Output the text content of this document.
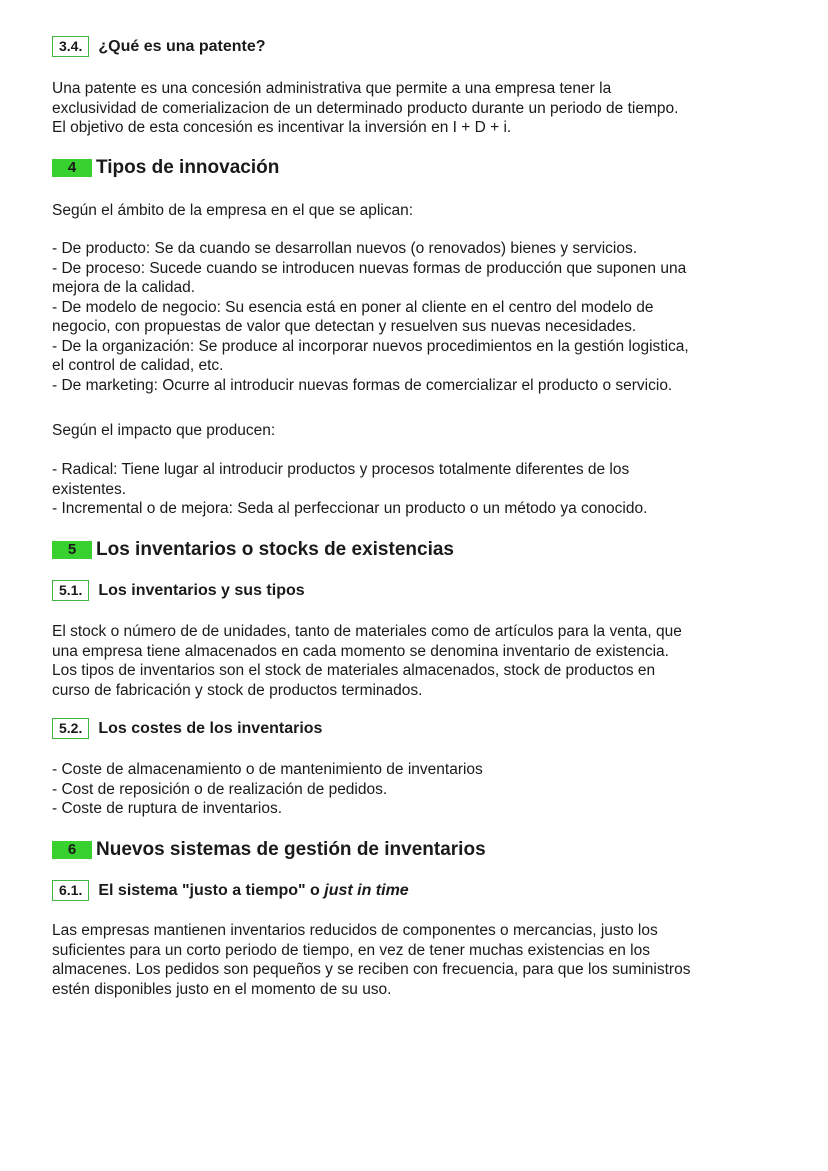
3.4.	¿Qué es una patente?

Una patente es una concesión administrativa que permite a una empresa tener la

exclusividad de comerializacion de un determinado producto durante un periodo de tiempo.

El objetivo de esta concesión es incentivar la inversión en I + D + i.

4	Tipos de innovación

Según el ámbito de la empresa en el que se aplican:

- De producto: Se da cuando se desarrollan nuevos (o renovados) bienes y servicios.

- De proceso: Sucede cuando se introducen nuevas formas de producción que suponen una

mejora de la calidad.

- De modelo de negocio: Su esencia está en poner al cliente en el centro del modelo de

negocio, con propuestas de valor que detectan y resuelven sus nuevas necesidades.

- De la organización: Se produce al incorporar nuevos procedimientos en la gestión logistica,

el control de calidad, etc.

- De marketing: Ocurre al introducir nuevas formas de comercializar el producto o servicio.

Según el impacto que producen:

- Radical: Tiene lugar al introducir productos y procesos totalmente diferentes de los

existentes.

- Incremental o de mejora: Seda al perfeccionar un producto o un método ya conocido.

5	Los inventarios o stocks de existencias
5.1.	Los inventarios y sus tipos

El stock o número de de unidades, tanto de materiales como de artículos para la venta, que

una empresa tiene almacenados en cada momento se denomina inventario de existencia.

Los tipos de inventarios son el stock de materiales almacenados, stock de productos en

curso de fabricación y stock de productos terminados.

5.2.	Los costes de los inventarios

- Coste de almacenamiento o de mantenimiento de inventarios

- Cost de reposición o de realización de pedidos.

- Coste de ruptura de inventarios.

6	Nuevos sistemas de gestión de inventarios
6.1.	El sistema "justo a tiempo" o just in time

Las empresas mantienen inventarios reducidos de componentes o mercancias, justo los

suficientes para un corto periodo de tiempo, en vez de tener muchas existencias en los

almacenes. Los pedidos son pequeños y se reciben con frecuencia, para que los suministros

estén disponibles justo en el momento de su uso.
